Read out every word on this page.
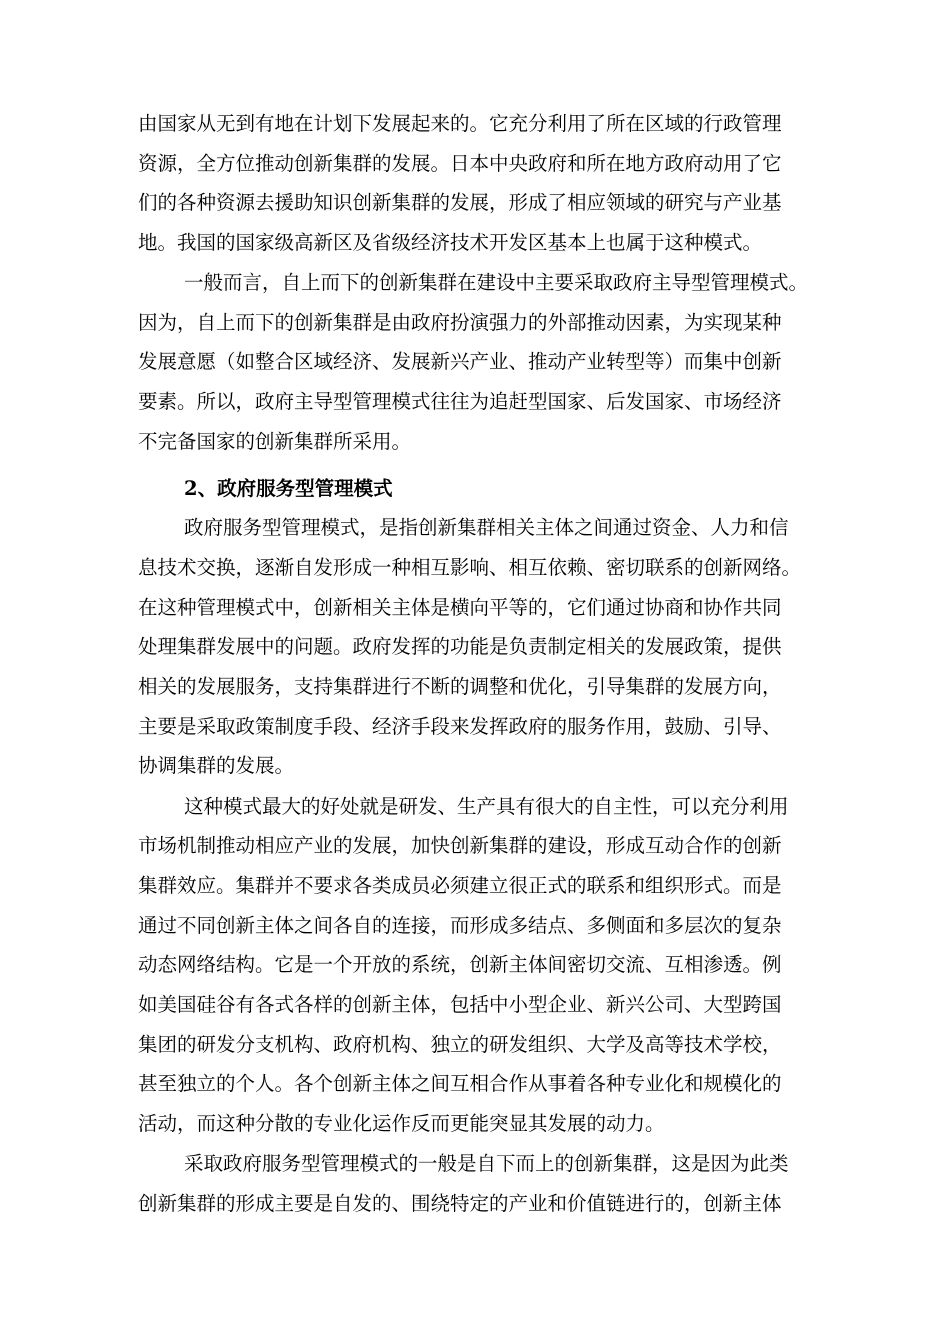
由国家从无到有地在计划下发展起来的。它充分利用了所在区域的行政管理
资源，全方位推动创新集群的发展。日本中央政府和所在地方政府动用了它
们的各种资源去援助知识创新集群的发展，形成了相应领域的研究与产业基
地。我国的国家级高新区及省级经济技术开发区基本上也属于这种模式。
一般而言，自上而下的创新集群在建设中主要采取政府主导型管理模式。
因为，自上而下的创新集群是由政府扮演强力的外部推动因素，为实现某种
发展意愿（如整合区域经济、发展新兴产业、推动产业转型等）而集中创新
要素。所以，政府主导型管理模式往往为追赶型国家、后发国家、市场经济
不完备国家的创新集群所采用。
2、政府服务型管理模式
政府服务型管理模式，是指创新集群相关主体之间通过资金、人力和信
息技术交换，逐渐自发形成一种相互影响、相互依赖、密切联系的创新网络。
在这种管理模式中，创新相关主体是横向平等的，它们通过协商和协作共同
处理集群发展中的问题。政府发挥的功能是负责制定相关的发展政策，提供
相关的发展服务，支持集群进行不断的调整和优化，引导集群的发展方向，
主要是采取政策制度手段、经济手段来发挥政府的服务作用，鼓励、引导、
协调集群的发展。
这种模式最大的好处就是研发、生产具有很大的自主性，可以充分利用
市场机制推动相应产业的发展，加快创新集群的建设，形成互动合作的创新
集群效应。集群并不要求各类成员必须建立很正式的联系和组织形式。而是
通过不同创新主体之间各自的连接，而形成多结点、多侧面和多层次的复杂
动态网络结构。它是一个开放的系统，创新主体间密切交流、互相渗透。例
如美国硅谷有各式各样的创新主体，包括中小型企业、新兴公司、大型跨国
集团的研发分支机构、政府机构、独立的研发组织、大学及高等技术学校，
甚至独立的个人。各个创新主体之间互相合作从事着各种专业化和规模化的
活动，而这种分散的专业化运作反而更能突显其发展的动力。
采取政府服务型管理模式的一般是自下而上的创新集群，这是因为此类
创新集群的形成主要是自发的、围绕特定的产业和价值链进行的，创新主体
